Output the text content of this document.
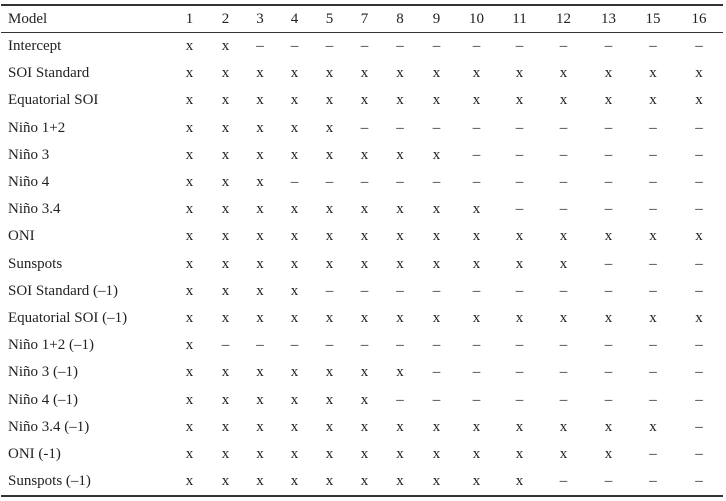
Model	1	2	3	4	5	7	8	9	10	11	12	13	15	16
Intercept	x	x	–	–	–	–	–	–	–	–	–	–	–	–
SOI Standard	x	x	x	x	x	x	x	x	x	x	x	x	x	x
Equatorial SOI	x	x	x	x	x	x	x	x	x	x	x	x	x	x
Niño 1+2	x	x	x	x	x	–	–	–	–	–	–	–	–	–
Niño 3	x	x	x	x	x	x	x	x	–	–	–	–	–	–
Niño 4	x	x	x	–	–	–	–	–	–	–	–	–	–	–
Niño 3.4	x	x	x	x	x	x	x	x	x	–	–	–	–	–
ONI	x	x	x	x	x	x	x	x	x	x	x	x	x	x
Sunspots	x	x	x	x	x	x	x	x	x	x	x	–	–	–
SOI Standard (–1)	x	x	x	x	–	–	–	–	–	–	–	–	–	–
Equatorial SOI (–1)	x	x	x	x	x	x	x	x	x	x	x	x	x	x
Niño 1+2 (–1)	x	–	–	–	–	–	–	–	–	–	–	–	–	–
Niño 3 (–1)	x	x	x	x	x	x	x	–	–	–	–	–	–	–
Niño 4 (–1)	x	x	x	x	x	x	–	–	–	–	–	–	–	–
Niño 3.4 (–1)	x	x	x	x	x	x	x	x	x	x	x	x	x	–
ONI (-1)	x	x	x	x	x	x	x	x	x	x	x	x	–	–
Sunspots (–1)	x	x	x	x	x	x	x	x	x	x	–	–	–	–
